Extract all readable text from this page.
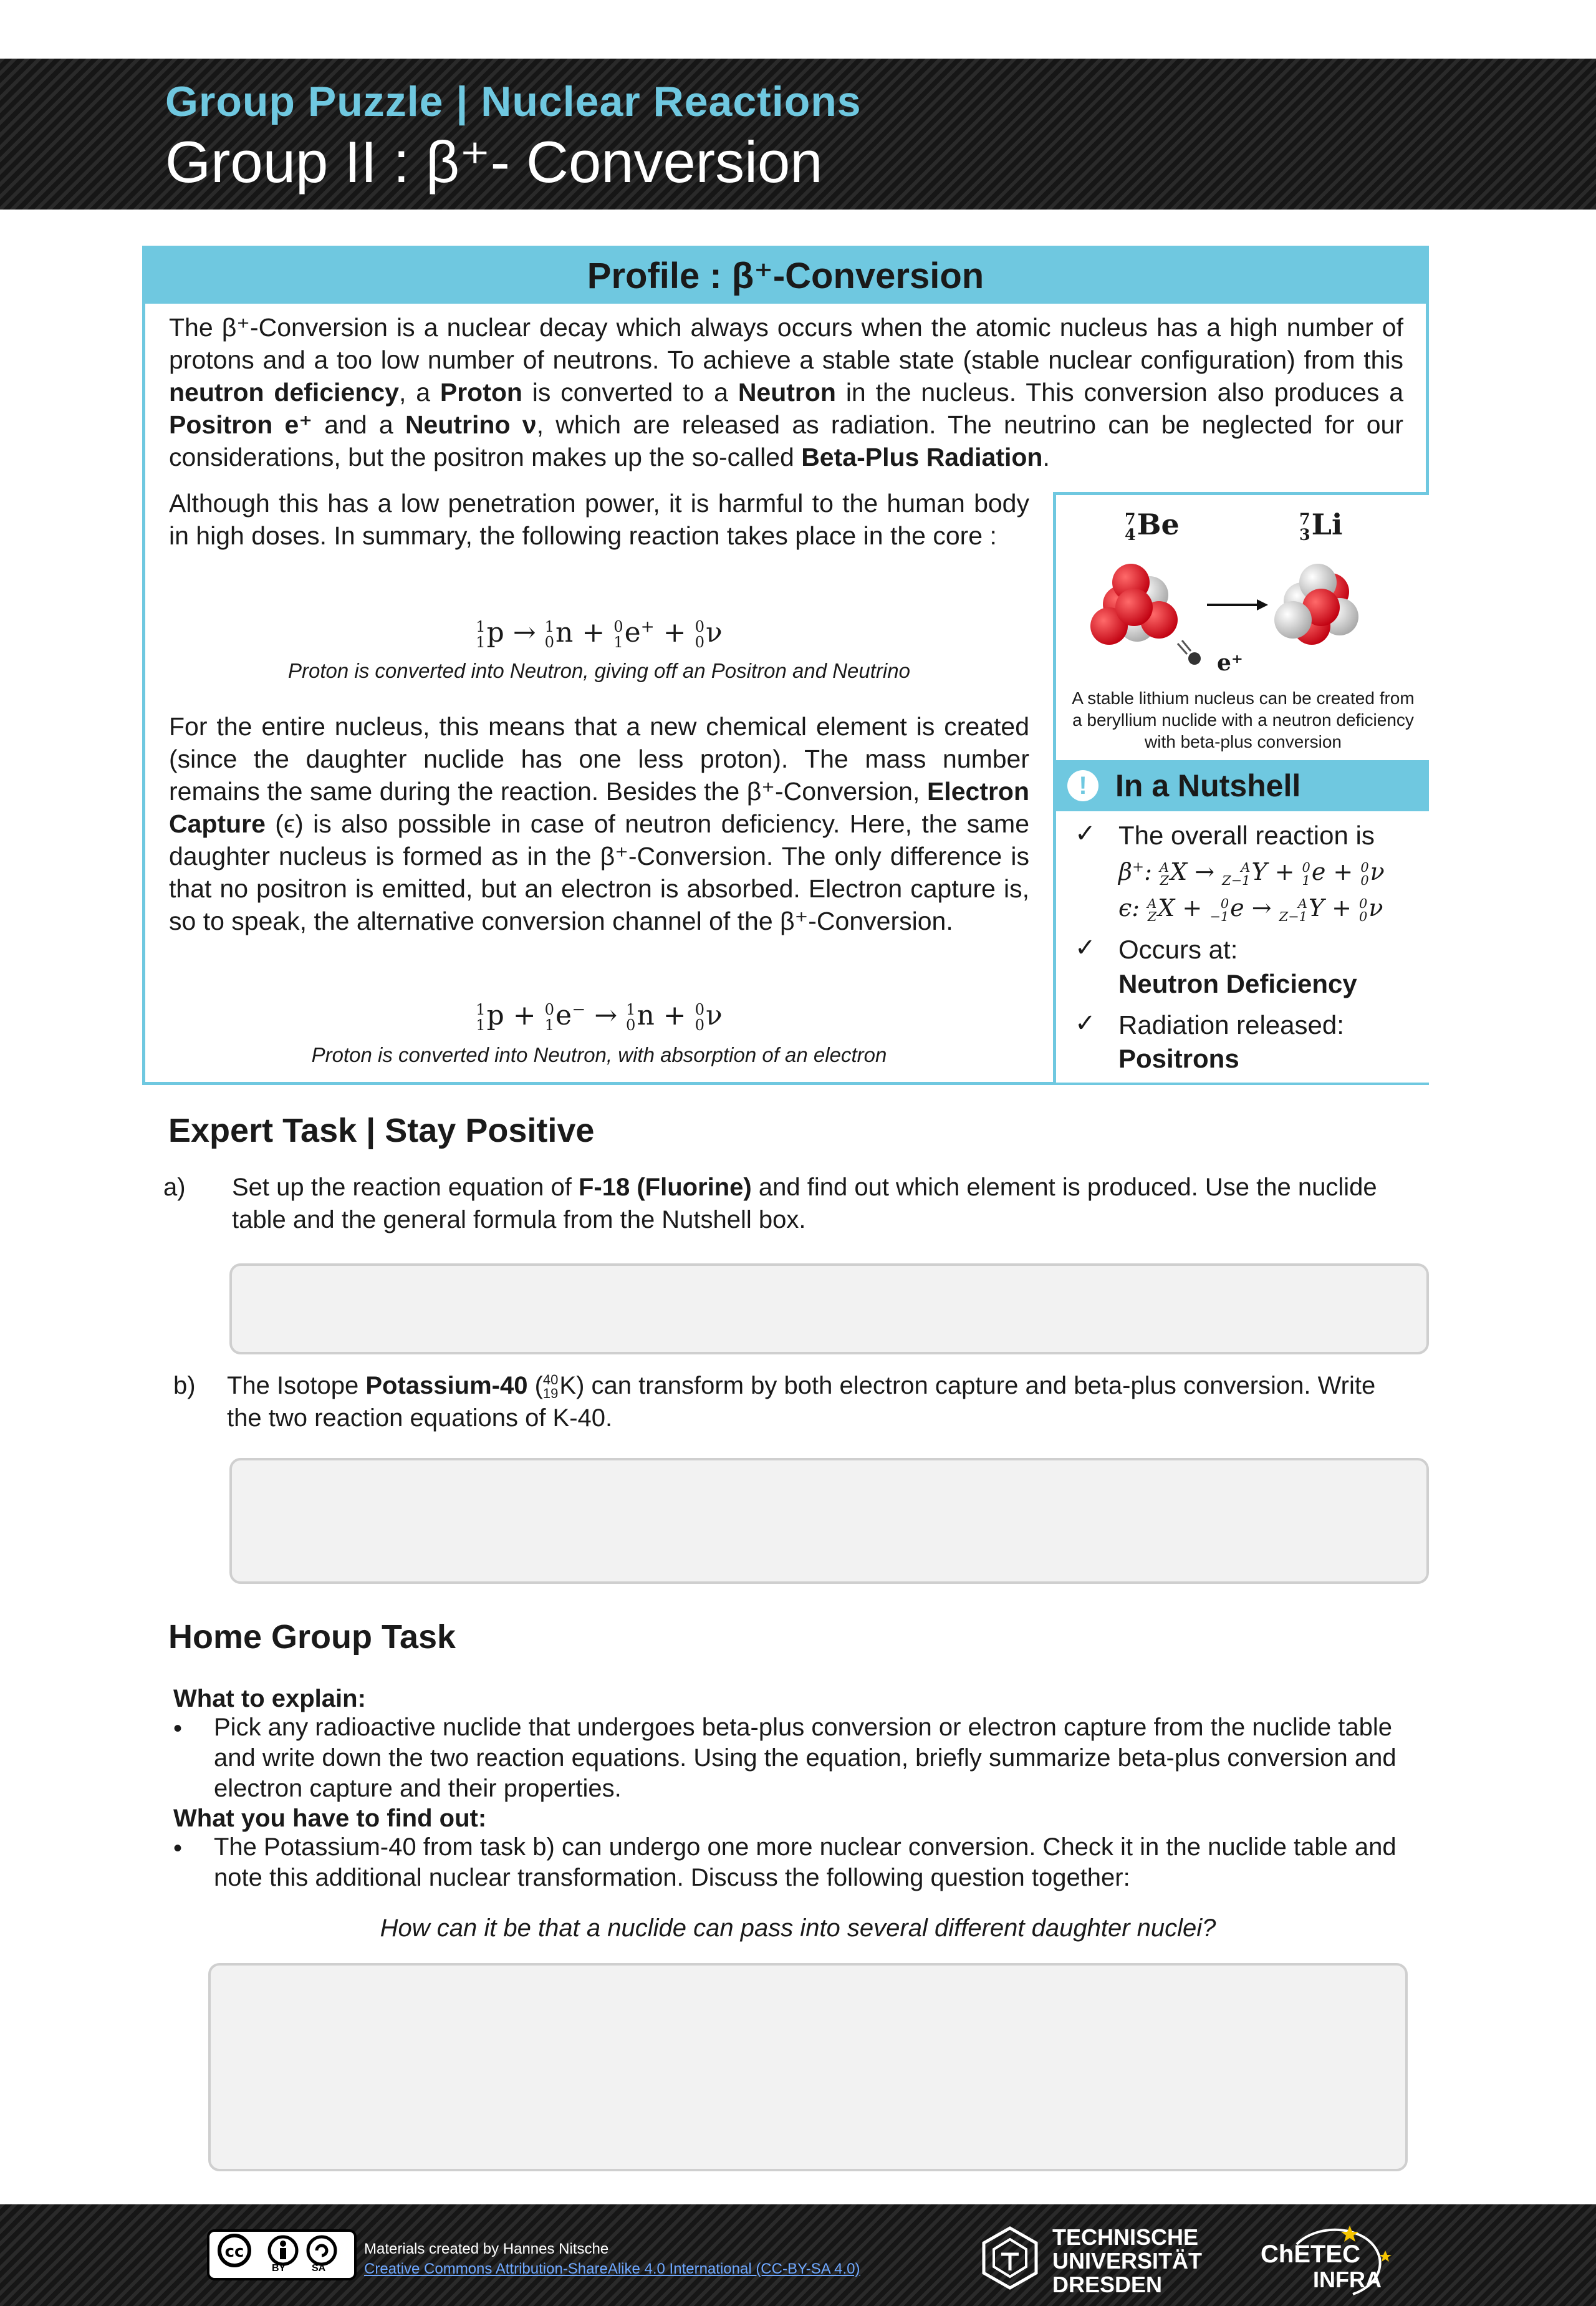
Group Puzzle | Nuclear Reactions
Group II : β⁺- Conversion
Profile : β⁺-Conversion
The β⁺-Conversion is a nuclear decay which always occurs when the atomic nucleus has a high number of protons and a too low number of neutrons. To achieve a stable state (stable nuclear configuration) from this neutron deficiency, a Proton is converted to a Neutron in the nucleus. This conversion also produces a Positron e⁺ and a Neutrino ν, which are released as radiation. The neutrino can be neglected for our considerations, but the positron makes up the so-called Beta-Plus Radiation.
Although this has a low penetration power, it is harmful to the human body in high doses. In summary, the following reaction takes place in the core :
1
1 p → 1
0 n + 0
1 e+ + 0
0 ν
Proton is converted into Neutron, giving off an Positron and Neutrino
For the entire nucleus, this means that a new chemical element is created (since the daughter nuclide has one less proton). The mass number remains the same during the reaction. Besides the β⁺-Conversion, Electron Capture (ϵ) is also possible in case of neutron deficiency. Here, the same daughter nucleus is formed as in the β⁺-Conversion. The only difference is that no positron is emitted, but an electron is absorbed. Electron capture is, so to speak, the alternative conversion channel of the β⁺-Conversion.
1
1 p + 0
1 e− → 1
0 n + 0
0 ν
Proton is converted into Neutron, with absorption of an electron
7
4 Be	7
3 Li
e⁺
A stable lithium nucleus can be created from a beryllium nuclide with a neutron deficiency with beta-plus conversion
! In a Nutshell
✓ The overall reaction is
β+: A
Z X →	A
Z−1 Y + 0
1 e + 0
0 ν
ϵ: A
Z X + 0
−1 e →	A
Z−1 Y + 0
0 ν
✓ Occurs at:
Neutron Deficiency
✓ Radiation released:
Positrons
Expert Task | Stay Positive
a) Set up the reaction equation of F-18 (Fluorine) and find out which element is produced. Use the nuclide table and the general formula from the Nutshell box.
b) The Isotope Potassium-40 ( 40
19 K) can transform by both electron capture and beta-plus conversion. Write the two reaction equations of K-40.
Home Group Task
What to explain:
• Pick any radioactive nuclide that undergoes beta-plus conversion or electron capture from the nuclide table and write down the two reaction equations. Using the equation, briefly summarize beta-plus conversion and electron capture and their properties.
What you have to find out:
• The Potassium-40 from task b) can undergo one more nuclear conversion. Check it in the nuclide table and note this additional nuclear transformation. Discuss the following question together:
How can it be that a nuclide can pass into several different daughter nuclei?
cc
BY	SA
Materials created by Hannes Nitsche
Creative Commons Attribution-ShareAlike 4.0 International (CC-BY-SA 4.0)
TECHNISCHE
UNIVERSITÄT
DRESDEN
ChETEC
INFRA
